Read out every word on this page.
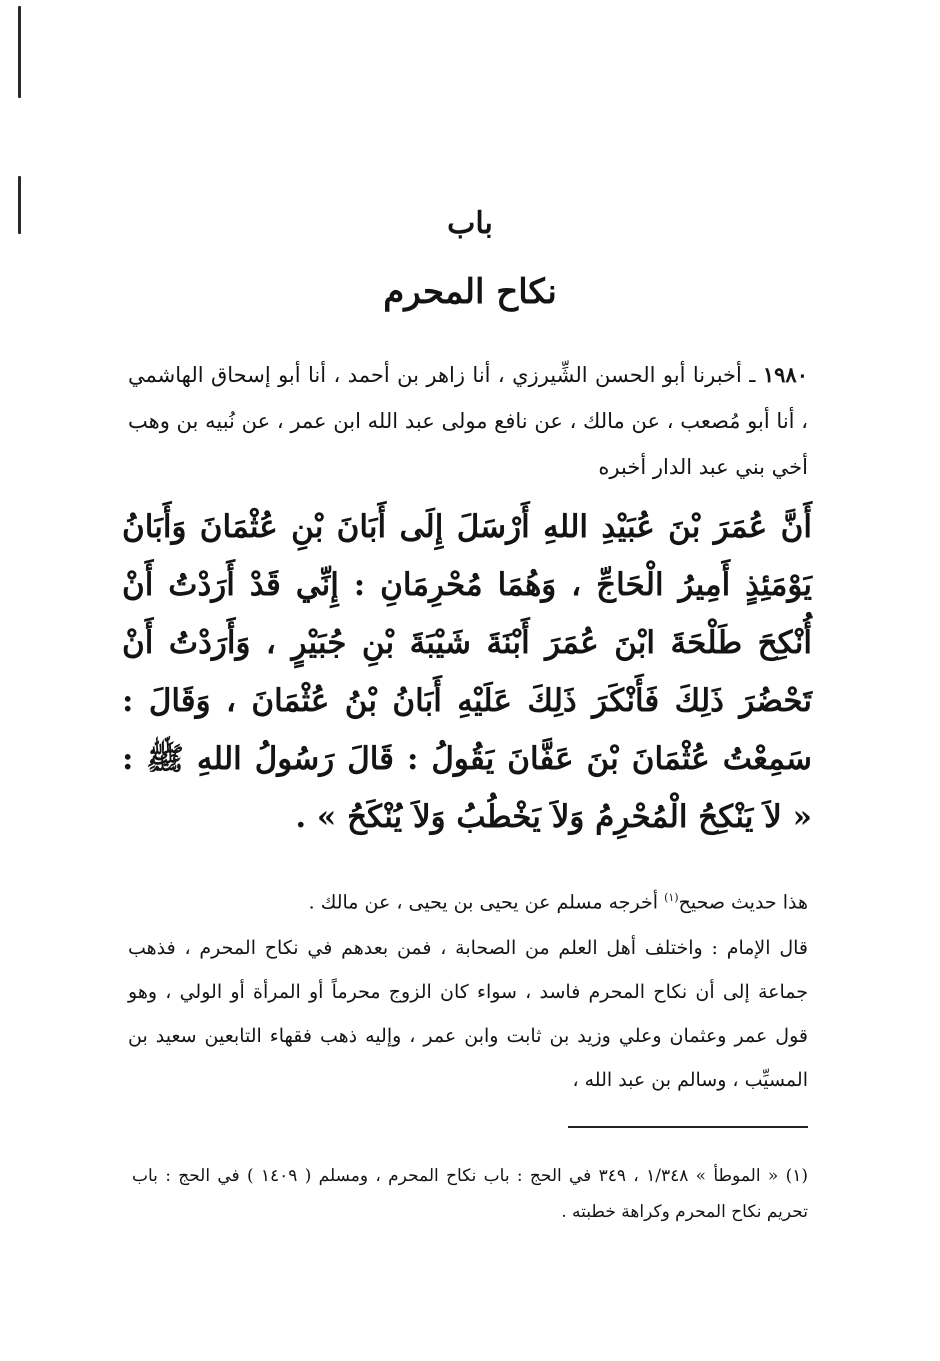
باب
نكاح المحرم
١٩٨٠ ـ أخبرنا أبو الحسن الشِّيرزي ، أنا زاهر بن أحمد ، أنا أبو إسحاق الهاشمي ، أنا أبو مُصعب ، عن مالك ، عن نافع مولى عبد الله ابن عمر ، عن نُبيه بن وهب أخي بني عبد الدار أخبره
أَنَّ عُمَرَ بْنَ عُبَيْدِ اللهِ أَرْسَلَ إِلَى أَبَانَ بْنِ عُثْمَانَ وَأَبَانُ يَوْمَئِذٍ أَمِيرُ الْحَاجِّ ، وَهُمَا مُحْرِمَانِ : إِنِّي قَدْ أَرَدْتُ أَنْ أُنْكِحَ طَلْحَةَ ابْنَ عُمَرَ أَبْنَةَ شَيْبَةَ بْنِ جُبَيْرٍ ، وَأَرَدْتُ أَنْ تَحْضُرَ ذَلِكَ فَأَنْكَرَ ذَلِكَ عَلَيْهِ أَبَانُ بْنُ عُثْمَانَ ، وَقَالَ : سَمِعْتُ عُثْمَانَ بْنَ عَفَّانَ يَقُولُ : قَالَ رَسُولُ اللهِ ﷺ : « لاَ يَنْكِحُ الْمُحْرِمُ وَلاَ يَخْطُبُ وَلاَ يُنْكَحُ » .
هذا حديث صحيح$^{(١)}$ أخرجه مسلم عن يحيى بن يحيى ، عن مالك .
قال الإمام : واختلف أهل العلم من الصحابة ، فمن بعدهم في نكاح المحرم ، فذهب جماعة إلى أن نكاح المحرم فاسد ، سواء كان الزوج محرماً أو المرأة أو الولي ، وهو قول عمر وعثمان وعلي وزيد بن ثابت وابن عمر ، وإليه ذهب فقهاء التابعين سعيد بن المسيِّب ، وسالم بن عبد الله ،
(١) « الموطأ » ١/٣٤٨ ، ٣٤٩ في الحج : باب نكاح المحرم ، ومسلم ( ١٤٠٩ ) في الحج : باب تحريم نكاح المحرم وكراهة خطبته .
